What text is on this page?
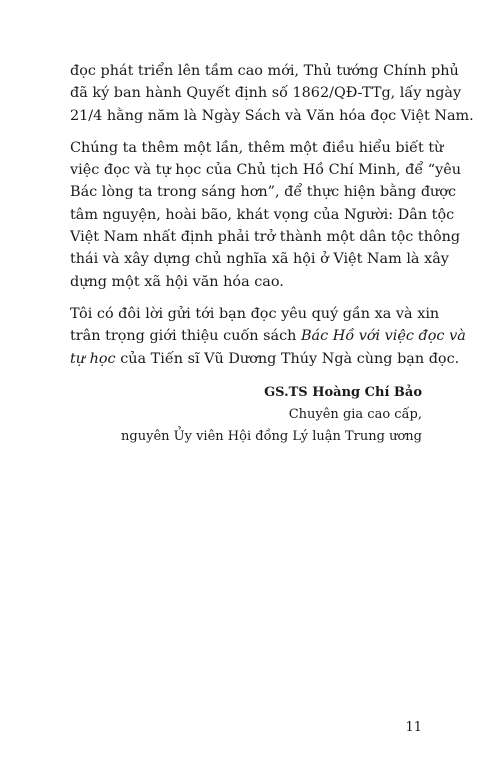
đọc phát triển lên tầm cao mới, Thủ tướng Chính phủ
đã ký ban hành Quyết định số 1862/QĐ-TTg, lấy ngày
21/4 hằng năm là Ngày Sách và Văn hóa đọc Việt Nam.

Chúng ta thêm một lần, thêm một điều hiểu biết từ
việc đọc và tự học của Chủ tịch Hồ Chí Minh, để “yêu
Bác lòng ta trong sáng hơn”, để thực hiện bằng được
tâm nguyện, hoài bão, khát vọng của Người: Dân tộc
Việt Nam nhất định phải trở thành một dân tộc thông
thái và xây dựng chủ nghĩa xã hội ở Việt Nam là xây
dựng một xã hội văn hóa cao.

Tôi có đôi lời gửi tới bạn đọc yêu quý gần xa và xin
trân trọng giới thiệu cuốn sách Bác Hồ với việc đọc và
tự học của Tiến sĩ Vũ Dương Thúy Ngà cùng bạn đọc.

GS.TS Hoàng Chí Bảo
Chuyên gia cao cấp,
nguyên Ủy viên Hội đồng Lý luận Trung ương
11
